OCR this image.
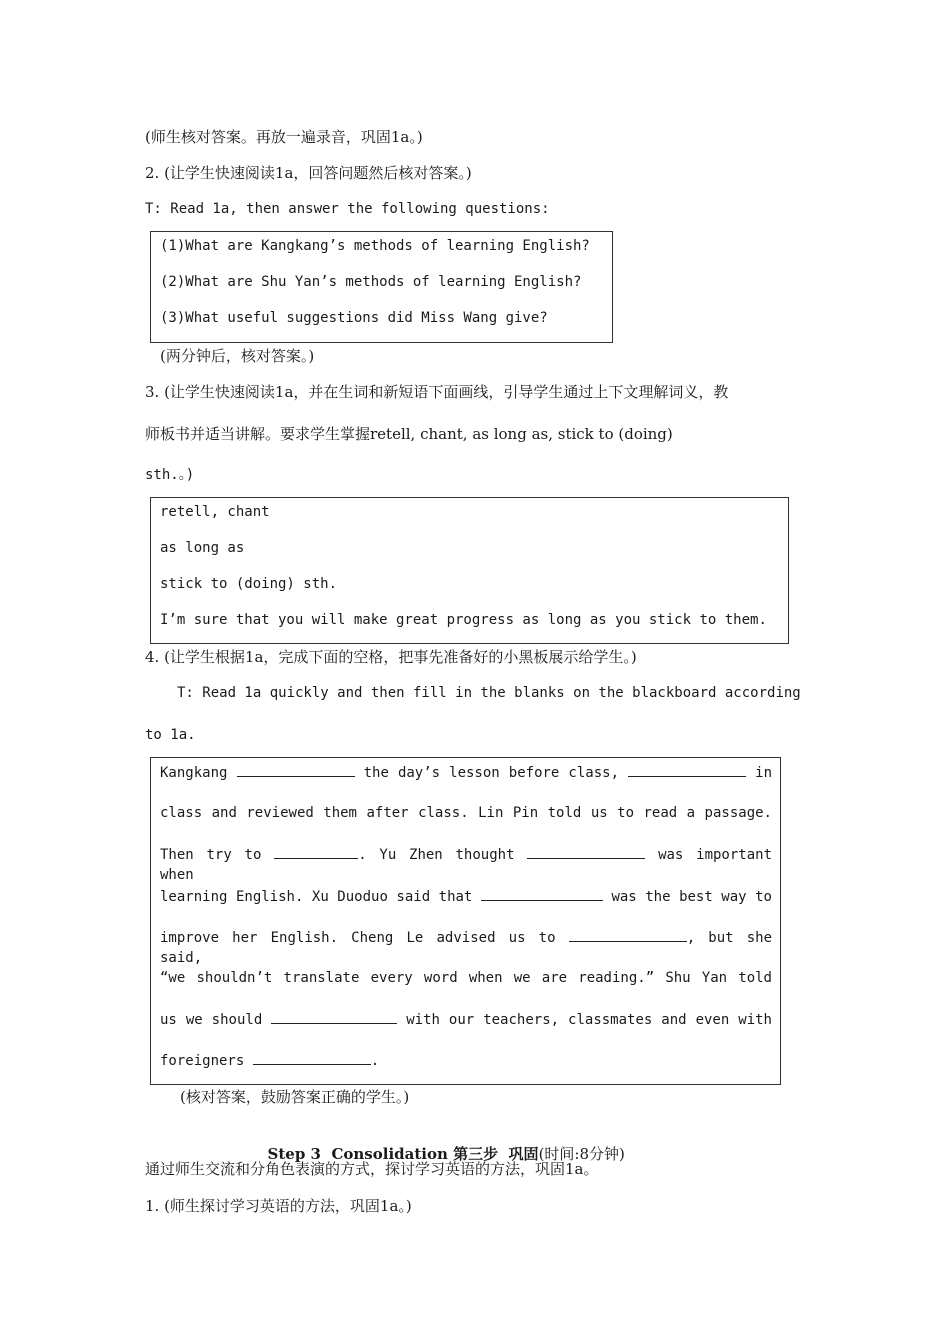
(师生核对答案。再放一遍录音，巩固1a。)
2. (让学生快速阅读1a，回答问题然后核对答案。)
T: Read 1a, then answer the following questions:
(1)What are Kangkang’s methods of learning English?
(2)What are Shu Yan’s methods of learning English?
(3)What useful suggestions did Miss Wang give?
(两分钟后，核对答案。)
3. (让学生快速阅读1a，并在生词和新短语下面画线，引导学生通过上下文理解词义，教
师板书并适当讲解。要求学生掌握retell, chant, as long as, stick to (doing)
sth.。)
retell, chant
as long as
stick to (doing) sth.
I’m sure that you will make great progress as long as you stick to them.
4. (让学生根据1a，完成下面的空格，把事先准备好的小黑板展示给学生。)
T: Read 1a quickly and then fill in the blanks on the blackboard according
to 1a.
Kangkang	the day’s lesson before class,	in
class and reviewed them after class. Lin Pin told us to read a passage.
Then try to	. Yu Zhen thought	was important when
learning English. Xu Duoduo said that	was the best way to
improve her English. Cheng Le advised us to	, but she said,
“we shouldn’t translate every word when we are reading.” Shu Yan told
us we should	with our teachers, classmates and even with
foreigners	.
(核对答案，鼓励答案正确的学生。)

Step 3  Consolidation 第三步  巩固(时间:8分钟)

通过师生交流和分角色表演的方式，探讨学习英语的方法，巩固1a。
1. (师生探讨学习英语的方法，巩固1a。)
